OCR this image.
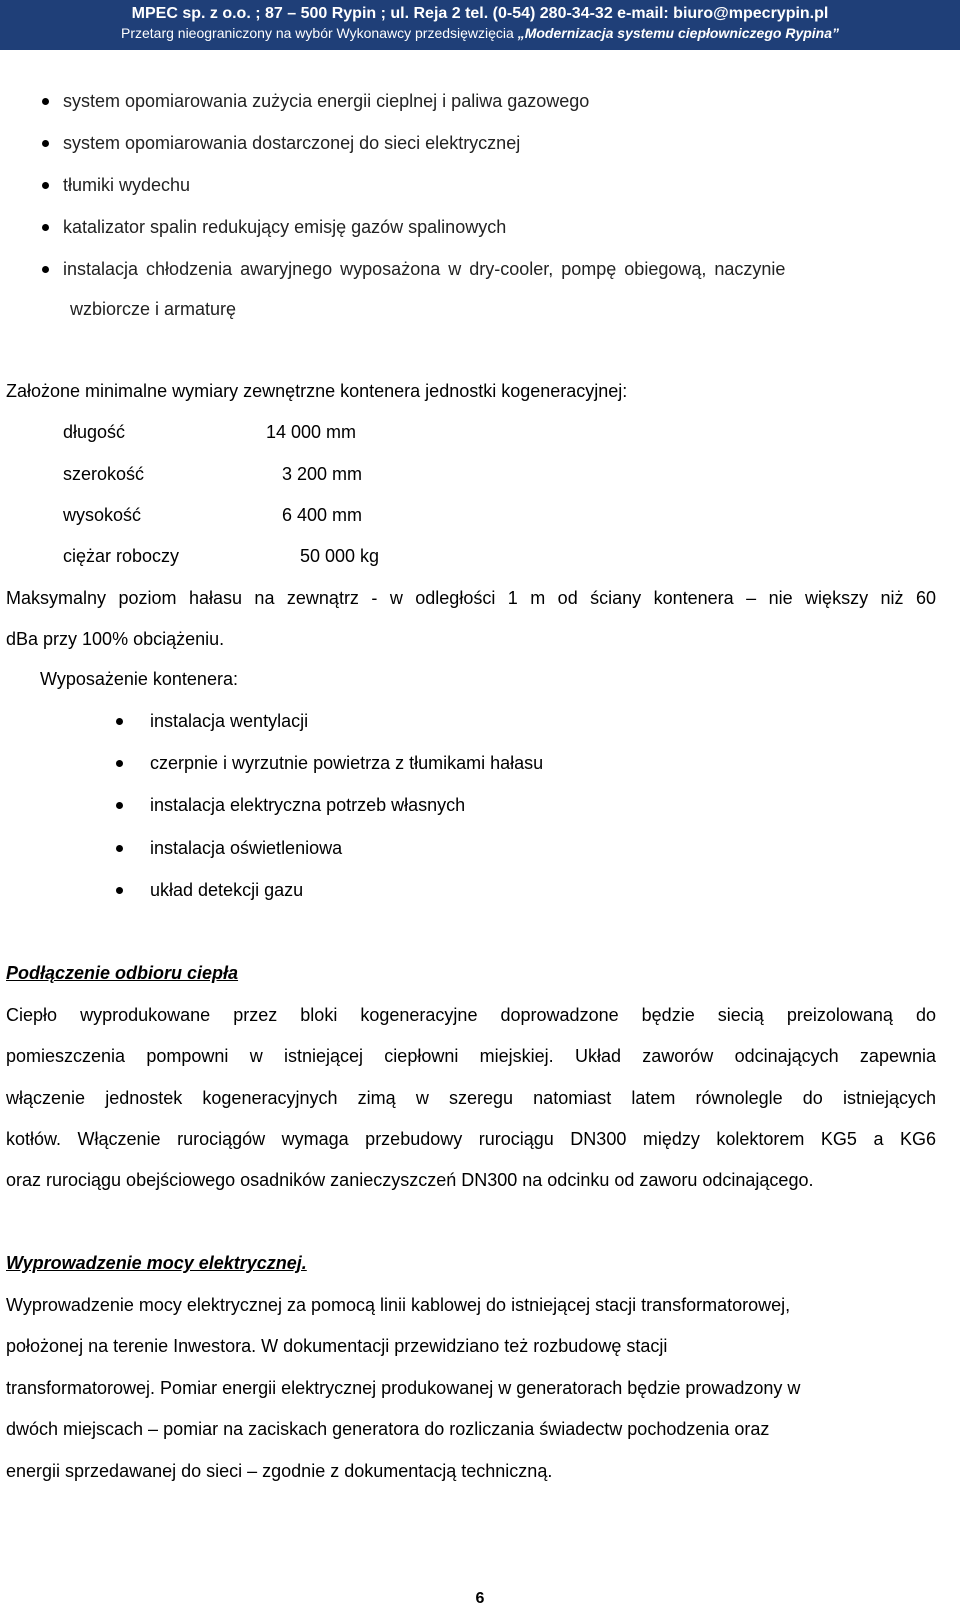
MPEC sp. z o.o. ; 87 – 500 Rypin ; ul. Reja 2 tel. (0-54) 280-34-32 e-mail: biuro@mpecrypin.pl
Przetarg nieograniczony na wybór Wykonawcy przedsięwzięcia „Modernizacja systemu ciepłowniczego Rypina”
system opomiarowania zużycia energii cieplnej i paliwa gazowego
system opomiarowania dostarczonej do sieci elektrycznej
tłumiki wydechu
katalizator spalin redukujący emisję gazów spalinowych
instalacja chłodzenia awaryjnego wyposażona w dry-cooler, pompę obiegową, naczynie
wzbiorcze i armaturę
Założone minimalne wymiary zewnętrzne kontenera jednostki kogeneracyjnej:
długość	14 000 mm
szerokość	3 200 mm
wysokość	6 400 mm
ciężar roboczy	50 000 kg
Maksymalny poziom hałasu na zewnątrz - w odległości 1 m od ściany kontenera – nie większy niż 60
dBa przy 100% obciążeniu.
Wyposażenie kontenera:
instalacja wentylacji
czerpnie i wyrzutnie powietrza z tłumikami hałasu
instalacja elektryczna potrzeb własnych
instalacja oświetleniowa
układ detekcji gazu
Podłączenie odbioru ciepła
Ciepło wyprodukowane przez bloki kogeneracyjne doprowadzone będzie siecią preizolowaną do
pomieszczenia pompowni w istniejącej ciepłowni miejskiej. Układ zaworów odcinających zapewnia
włączenie jednostek kogeneracyjnych zimą w szeregu natomiast latem równolegle do istniejących
kotłów. Włączenie rurociągów wymaga przebudowy rurociągu DN300 między kolektorem KG5 a KG6
oraz rurociągu obejściowego osadników zanieczyszczeń DN300 na odcinku od zaworu odcinającego.
Wyprowadzenie mocy elektrycznej.
Wyprowadzenie mocy elektrycznej za pomocą linii kablowej do istniejącej stacji transformatorowej,
położonej na terenie Inwestora. W dokumentacji przewidziano też rozbudowę stacji
transformatorowej. Pomiar energii elektrycznej produkowanej w generatorach będzie prowadzony w
dwóch miejscach – pomiar na zaciskach generatora do rozliczania świadectw pochodzenia oraz
energii sprzedawanej do sieci – zgodnie z dokumentacją techniczną.
6
